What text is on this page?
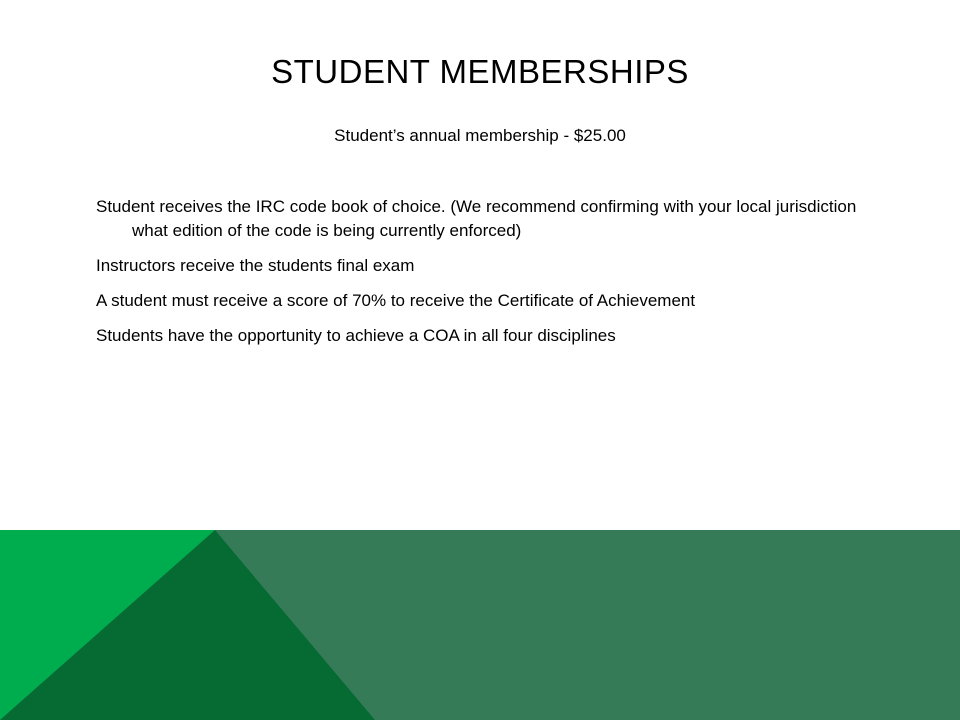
STUDENT MEMBERSHIPS
Student’s annual membership - $25.00
Student receives the IRC code book of choice. (We recommend confirming with your local jurisdiction what edition of the code is being currently enforced)
Instructors receive the students final exam
A student must receive a score of 70% to receive the Certificate of Achievement
Students have the opportunity to achieve a COA in all four disciplines
